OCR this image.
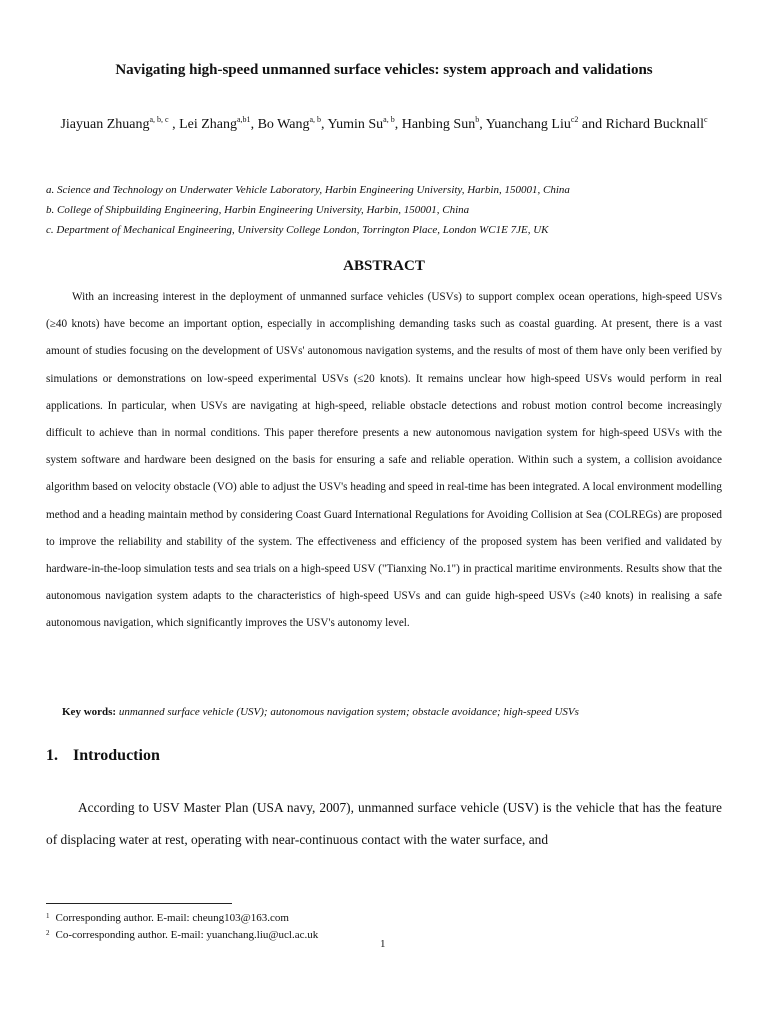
Navigating high-speed unmanned surface vehicles: system approach and validations
Jiayuan Zhuang$^{a, b, c}$ , Lei Zhang$^{a,b1}$, Bo Wang$^{a, b}$, Yumin Su$^{a, b}$, Hanbing Sun$^b$, Yuanchang Liu$^{c2}$ and Richard Bucknall$^c$
a. Science and Technology on Underwater Vehicle Laboratory, Harbin Engineering University, Harbin, 150001, China
b. College of Shipbuilding Engineering, Harbin Engineering University, Harbin, 150001, China
c. Department of Mechanical Engineering, University College London, Torrington Place, London WC1E 7JE, UK
ABSTRACT

With an increasing interest in the deployment of unmanned surface vehicles (USVs) to support complex ocean operations, high-speed USVs (≥40 knots) have become an important option, especially in accomplishing demanding tasks such as coastal guarding. At present, there is a vast amount of studies focusing on the development of USVs' autonomous navigation systems, and the results of most of them have only been verified by simulations or demonstrations on low-speed experimental USVs (≤20 knots). It remains unclear how high-speed USVs would perform in real applications. In particular, when USVs are navigating at high-speed, reliable obstacle detections and robust motion control become increasingly difficult to achieve than in normal conditions. This paper therefore presents a new autonomous navigation system for high-speed USVs with the system software and hardware been designed on the basis for ensuring a safe and reliable operation. Within such a system, a collision avoidance algorithm based on velocity obstacle (VO) able to adjust the USV's heading and speed in real-time has been integrated. A local environment modelling method and a heading maintain method by considering Coast Guard International Regulations for Avoiding Collision at Sea (COLREGs) are proposed to improve the reliability and stability of the system. The effectiveness and efficiency of the proposed system has been verified and validated by hardware-in-the-loop simulation tests and sea trials on a high-speed USV ("Tianxing No.1") in practical maritime environments. Results show that the autonomous navigation system adapts to the characteristics of high-speed USVs and can guide high-speed USVs (≥40 knots) in realising a safe autonomous navigation, which significantly improves the USV's autonomy level.

Key words: unmanned surface vehicle (USV); autonomous navigation system; obstacle avoidance; high-speed USVs
1. Introduction

According to USV Master Plan (USA navy, 2007), unmanned surface vehicle (USV) is the vehicle that has the feature of displacing water at rest, operating with near-continuous contact with the water surface, and

$^1$ Corresponding author. E-mail: cheung103@163.com
$^2$ Co-corresponding author. E-mail: yuanchang.liu@ucl.ac.uk
1
